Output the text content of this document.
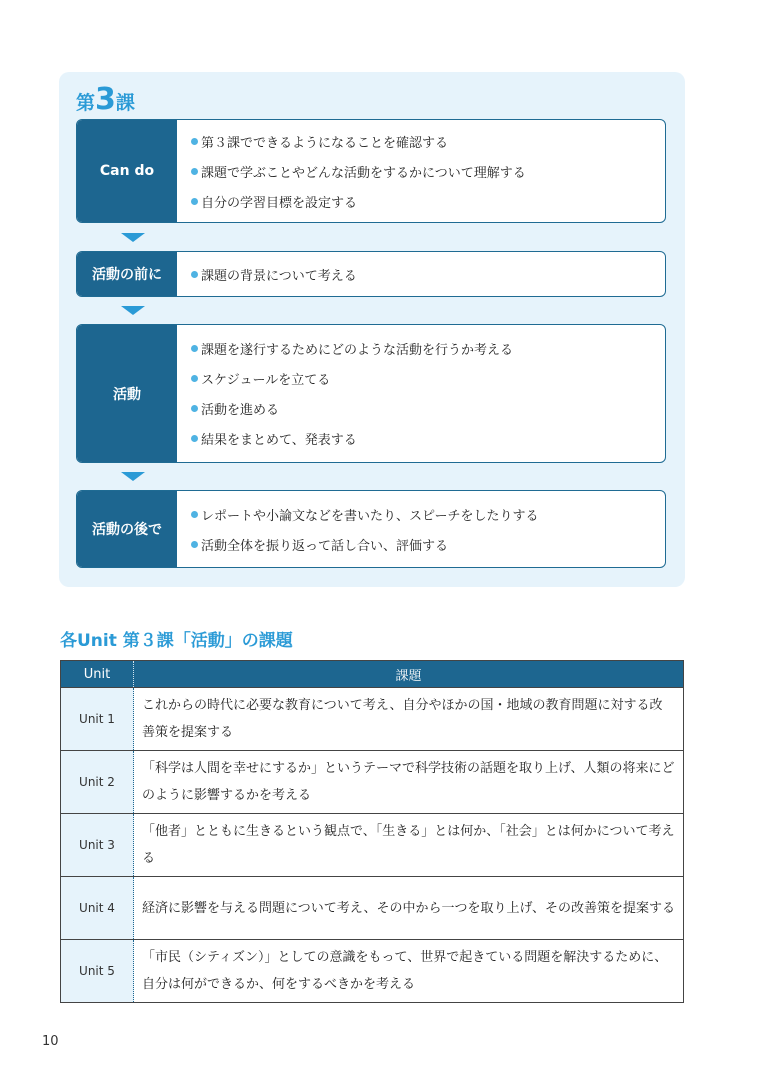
第3課
Can do
第３課でできるようになることを確認する
課題で学ぶことやどんな活動をするかについて理解する
自分の学習目標を設定する
活動の前に	課題の背景について考える
活動
課題を遂行するためにどのような活動を行うか考える
スケジュールを立てる
活動を進める
結果をまとめて、発表する
活動の後で
レポートや小論文などを書いたり、スピーチをしたりする
活動全体を振り返って話し合い、評価する
各Unit 第３課「活動」の課題
Unit	課題
Unit 1	これからの時代に必要な教育について考え、自分やほかの国・地域の教育問題に対する改善策を提案する
Unit 2	「科学は人間を幸せにするか」というテーマで科学技術の話題を取り上げ、人類の将来にどのように影響するかを考える
Unit 3	「他者」とともに生きるという観点で、「生きる」とは何か、「社会」とは何かについて考える
Unit 4	経済に影響を与える問題について考え、その中から一つを取り上げ、その改善策を提案する
Unit 5	「市民（シティズン）」としての意識をもって、世界で起きている問題を解決するために、自分は何ができるか、何をするべきかを考える
10
